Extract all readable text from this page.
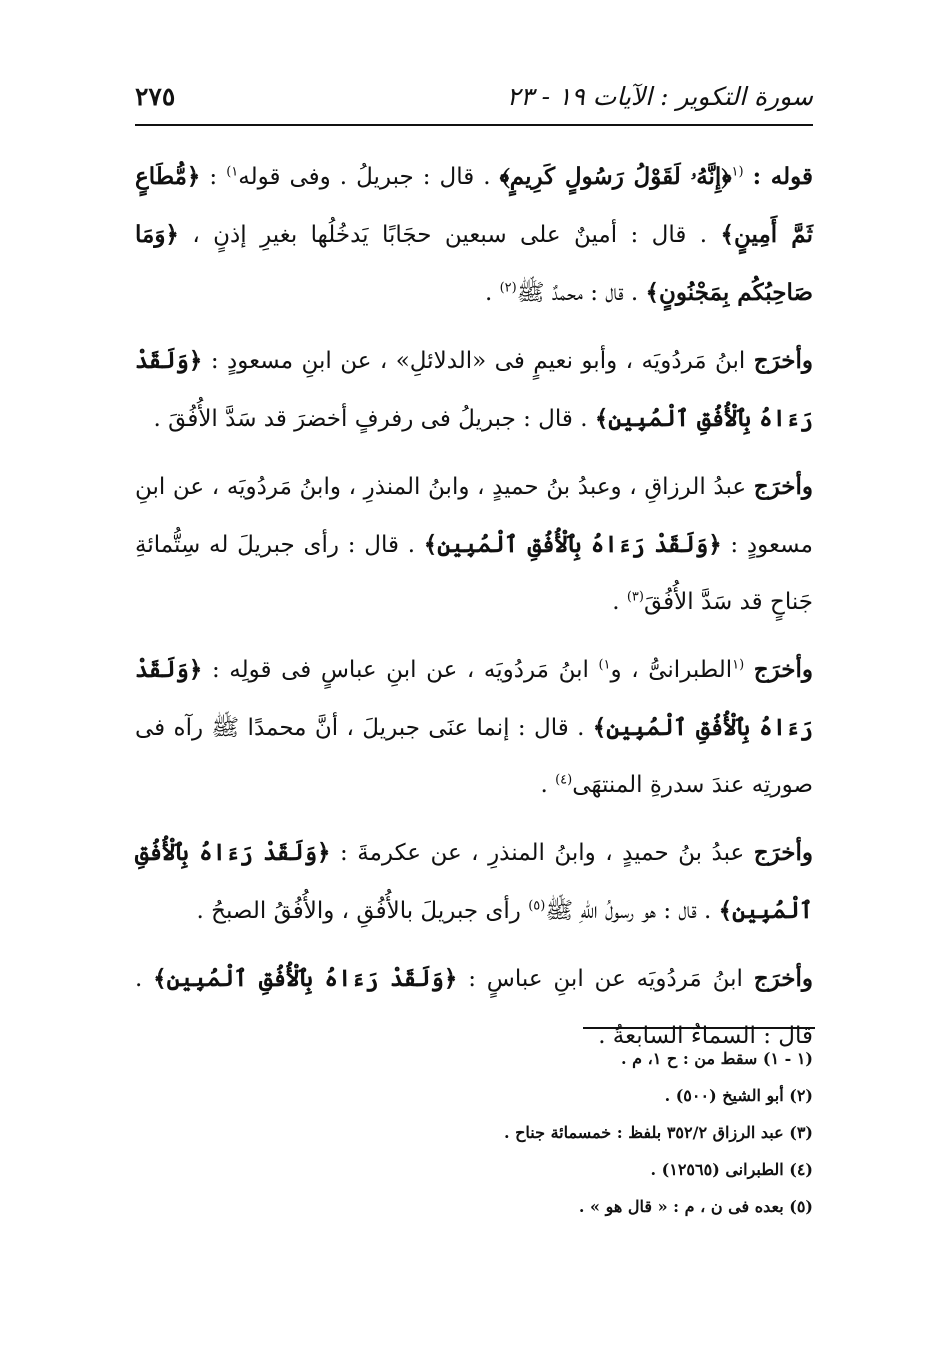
سورة التكوير : الآيات ١٩ - ٢٣
٢٧٥

قوله : $^{(١}$﴿إِنَّهُۥ لَقَوْلُ رَسُولٍ كَرِيمٍ﴾ . قال : جبريلُ . وفى قوله$^{١)}$ : ﴿مُّطَاعٍ ثَمَّ أَمِينٍ﴾ . قال : أمينٌ على سبعين حجَابًا يَدخُلُها بغيرِ إذنٍ ، ﴿وَمَا صَاحِبُكُم بِمَجْنُونٍ﴾ . قال : محمدٌ ﷺ$^{(٢)}$ .

وأخرَج ابنُ مَردُويَه ، وأبو نعيمٍ فى «الدلائلِ» ، عن ابنِ مسعودٍ : ﴿وَلَقَدْ رَءَاهُ بِٱلْأُفُقِ ٱلْمُبِينِ﴾ . قال : جبريلُ فى رفرفٍ أخضرَ قد سَدَّ الأُفُقَ .

وأخرَج عبدُ الرزاقِ ، وعبدُ بنُ حميدٍ ، وابنُ المنذرِ ، وابنُ مَردُويَه ، عن ابنِ مسعودٍ : ﴿وَلَقَدْ رَءَاهُ بِٱلْأُفُقِ ٱلْمُبِينِ﴾ . قال : رأى جبريلَ له سِتُّمائةِ جَناحٍ قد سَدَّ الأُفُقَ$^{(٣)}$ .

وأخرَج $^{(١}$الطبرانىُّ ، و$^{١)}$ ابنُ مَردُويَه ، عن ابنِ عباسٍ فى قولِه : ﴿وَلَقَدْ رَءَاهُ بِٱلْأُفُقِ ٱلْمُبِينِ﴾ . قال : إنما عنَى جبريلَ ، أنَّ محمدًا ﷺ رآه فى صورتِه عندَ سدرةِ المنتهَى$^{(٤)}$ .

وأخرَج عبدُ بنُ حميدٍ ، وابنُ المنذرِ ، عن عكرمةَ : ﴿وَلَقَدْ رَءَاهُ بِٱلْأُفُقِ ٱلْمُبِينِ﴾ . قال : هو رسولُ اللهِ ﷺ$^{(٥)}$ رأى جبريلَ بالأُفُقِ ، والأُفُقُ الصبحُ .

وأخرَج ابنُ مَردُويَه عن ابنِ عباسٍ : ﴿وَلَقَدْ رَءَاهُ بِٱلْأُفُقِ ٱلْمُبِينِ﴾ . قال : السماءُ السابعةُ .

(١ - ١) سقط من : ح ١، م .
(٢) أبو الشيخ (٥٠٠) .
(٣) عبد الرزاق ٣٥٢/٢ بلفظ : خمسمائة جناح .
(٤) الطبرانى (١٢٥٦٥) .
(٥) بعده فى ن ، م : « قال هو » .
